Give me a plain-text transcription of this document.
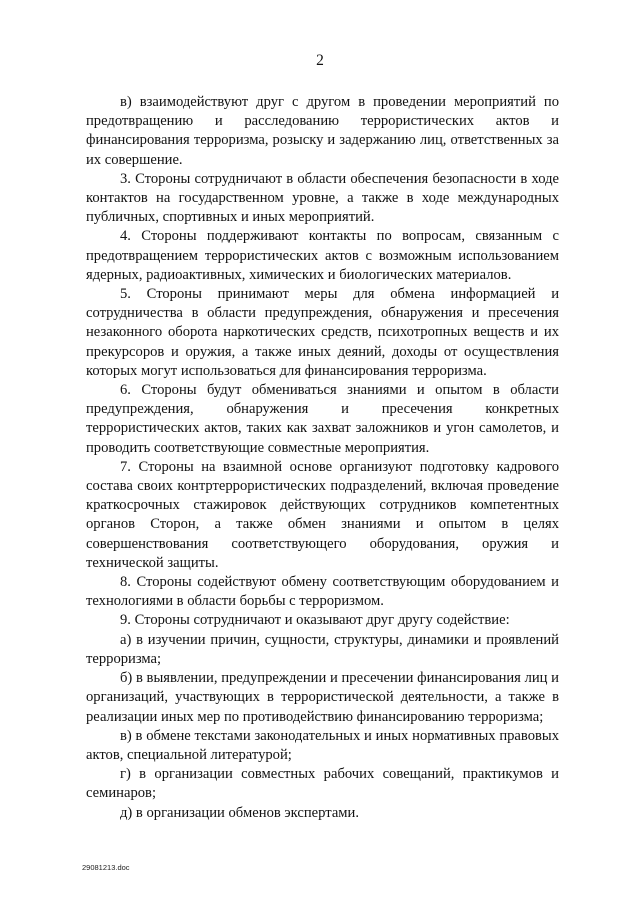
2

в) взаимодействуют друг с другом в проведении мероприятий по предотвращению и расследованию террористических актов и финансирования терроризма, розыску и задержанию лиц, ответственных за их совершение.

3. Стороны сотрудничают в области обеспечения безопасности в ходе контактов на государственном уровне, а также в ходе международных публичных, спортивных и иных мероприятий.

4. Стороны поддерживают контакты по вопросам, связанным с предотвращением террористических актов с возможным использованием ядерных, радиоактивных, химических и биологических материалов.

5. Стороны принимают меры для обмена информацией и сотрудничества в области предупреждения, обнаружения и пресечения незаконного оборота наркотических средств, психотропных веществ и их прекурсоров и оружия, а также иных деяний, доходы от осуществления которых могут использоваться для финансирования терроризма.

6. Стороны будут обмениваться знаниями и опытом в области предупреждения, обнаружения и пресечения конкретных террористических актов, таких как захват заложников и угон самолетов, и проводить соответствующие совместные мероприятия.

7. Стороны на взаимной основе организуют подготовку кадрового состава своих контртеррористических подразделений, включая проведение краткосрочных стажировок действующих сотрудников компетентных органов Сторон, а также обмен знаниями и опытом в целях совершенствования соответствующего оборудования, оружия и технической защиты.

8. Стороны содействуют обмену соответствующим оборудованием и технологиями в области борьбы с терроризмом.

9. Стороны сотрудничают и оказывают друг другу содействие:

а) в изучении причин, сущности, структуры, динамики и проявлений терроризма;

б) в выявлении, предупреждении и пресечении финансирования лиц и организаций, участвующих в террористической деятельности, а также в реализации иных мер по противодействию финансированию терроризма;

в) в обмене текстами законодательных и иных нормативных правовых актов, специальной литературой;

г) в организации совместных рабочих совещаний, практикумов и семинаров;

д) в организации обменов экспертами.

29081213.doc
